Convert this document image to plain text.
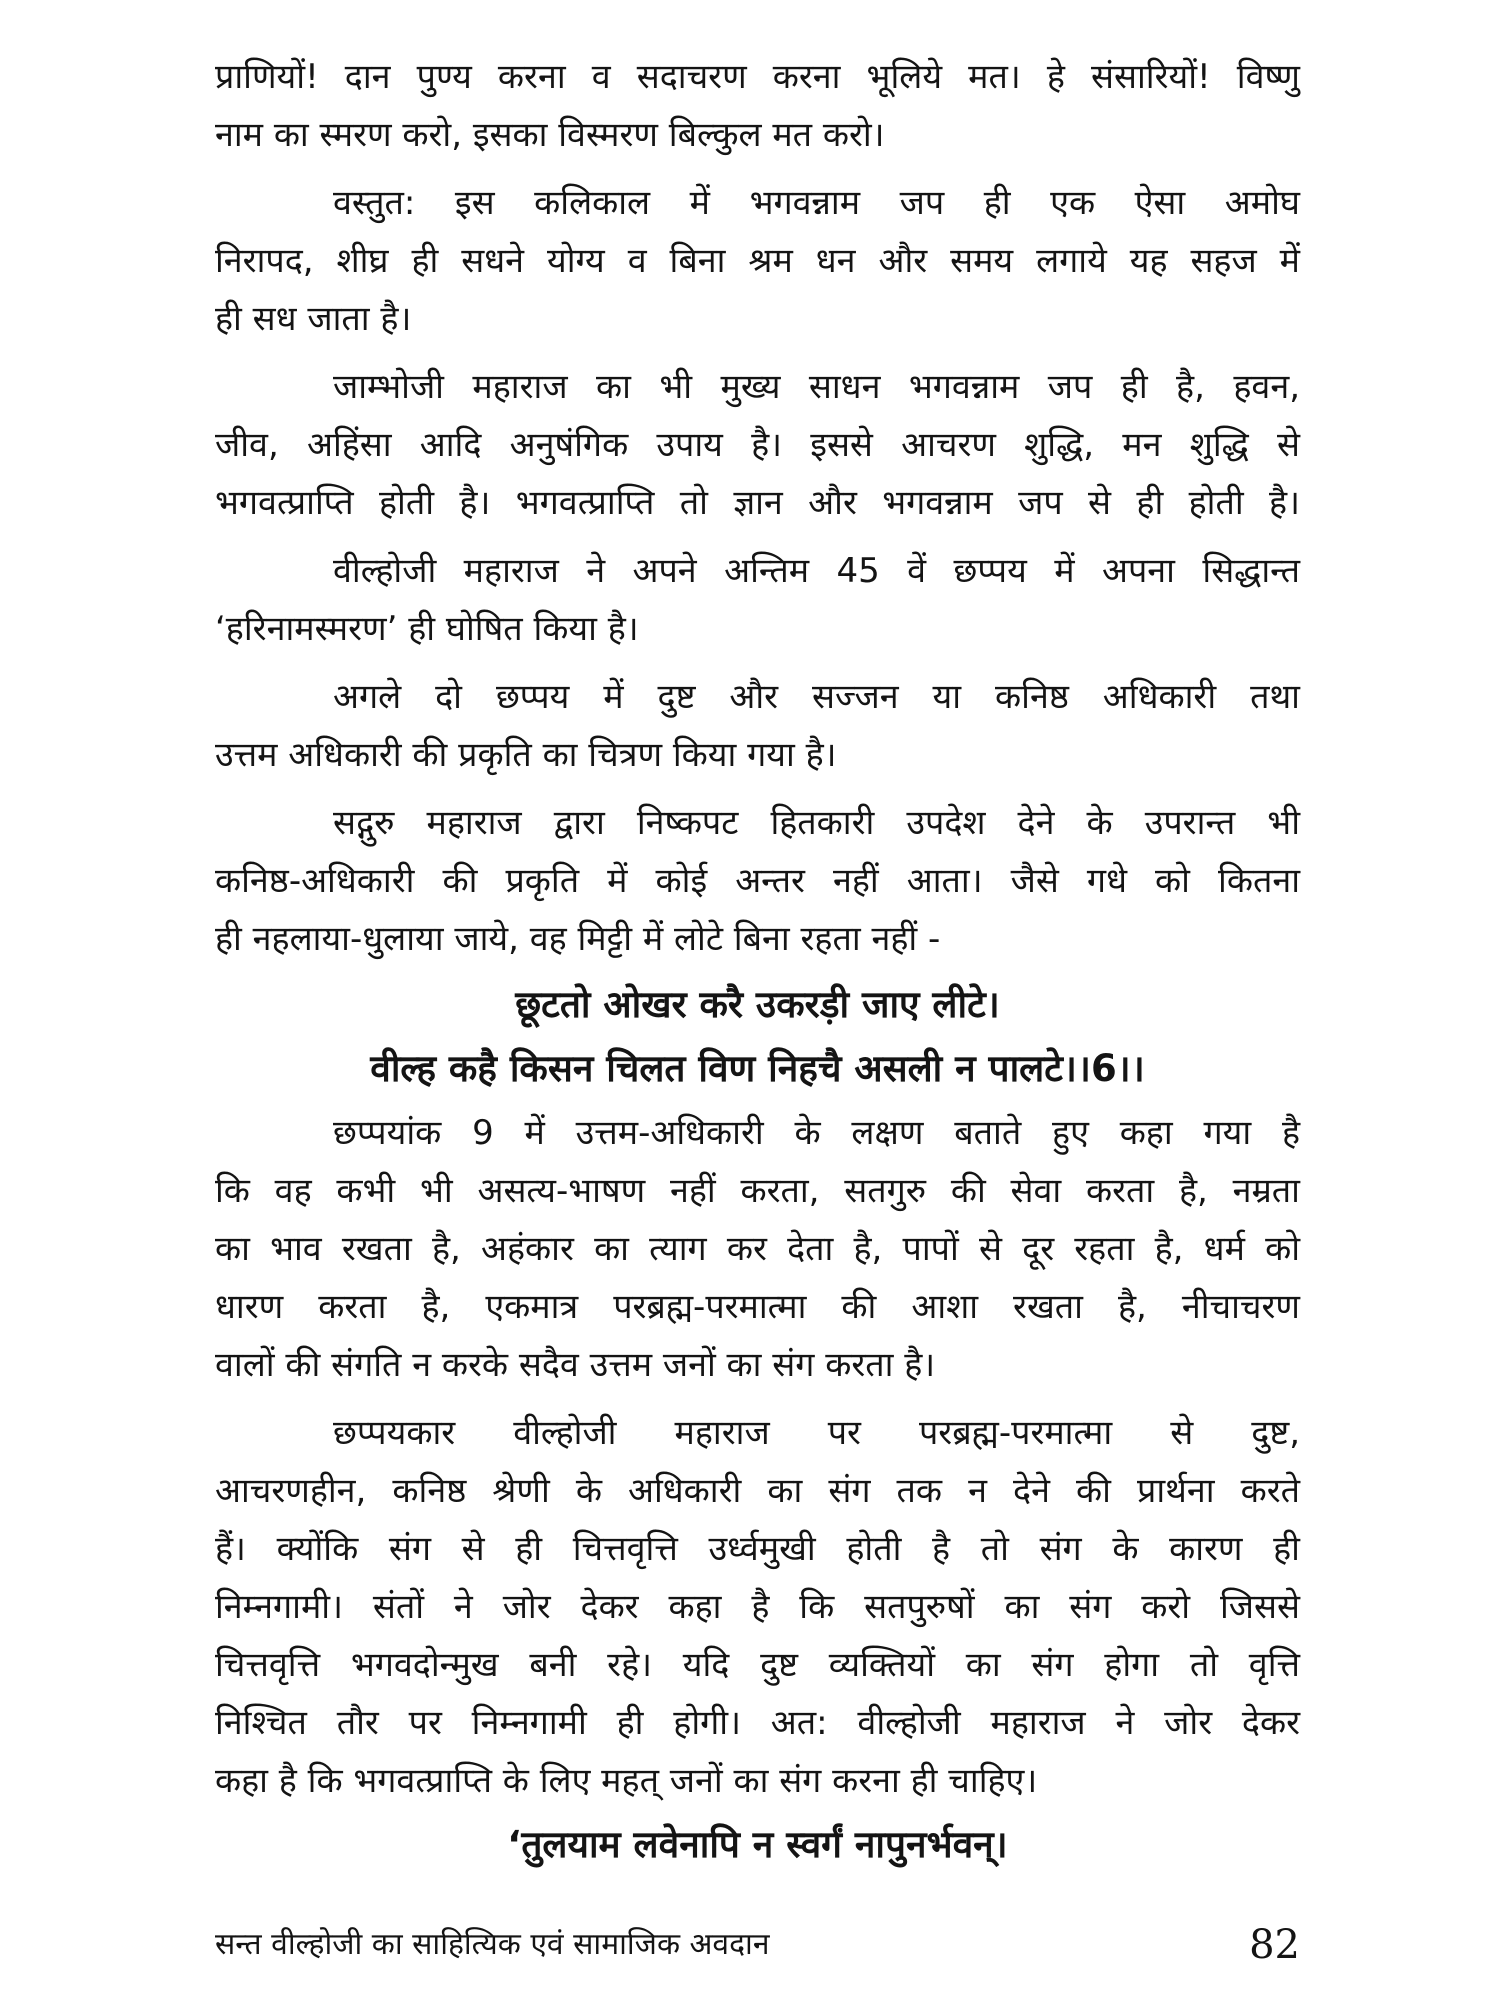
प्राणियों! दान पुण्य करना व सदाचरण करना भूलिये मत। हे संसारियों! विष्णु
नाम का स्मरण करो, इसका विस्मरण बिल्कुल मत करो।
वस्तुत: इस कलिकाल में भगवन्नाम जप ही एक ऐसा अमोघ
निरापद, शीघ्र ही सधने योग्य व बिना श्रम धन और समय लगाये यह सहज में
ही सध जाता है।
जाम्भोजी महाराज का भी मुख्य साधन भगवन्नाम जप ही है, हवन,
जीव, अहिंसा आदि अनुषंगिक उपाय है। इससे आचरण शुद्धि, मन शुद्धि से
भगवत्प्राप्ति होती है। भगवत्प्राप्ति तो ज्ञान और भगवन्नाम जप से ही होती है।
वील्होजी महाराज ने अपने अन्तिम 45 वें छप्पय में अपना सिद्धान्त
‘हरिनामस्मरण’ ही घोषित किया है।
अगले दो छप्पय में दुष्ट और सज्जन या कनिष्ठ अधिकारी तथा
उत्तम अधिकारी की प्रकृति का चित्रण किया गया है।
सद्गुरु महाराज द्वारा निष्कपट हितकारी उपदेश देने के उपरान्त भी
कनिष्ठ-अधिकारी की प्रकृति में कोई अन्तर नहीं आता। जैसे गधे को कितना
ही नहलाया-धुलाया जाये, वह मिट्टी में लोटे बिना रहता नहीं -
छूटतो ओखर करै उकरड़ी जाए लीटे।
वील्ह कहै किसन चिलत विण निहचै असली न पालटे।।6।।
छप्पयांक 9 में उत्तम-अधिकारी के लक्षण बताते हुए कहा गया है
कि वह कभी भी असत्य-भाषण नहीं करता, सतगुरु की सेवा करता है, नम्रता
का भाव रखता है, अहंकार का त्याग कर देता है, पापों से दूर रहता है, धर्म को
धारण करता है, एकमात्र परब्रह्म-परमात्मा की आशा रखता है, नीचाचरण
वालों की संगति न करके सदैव उत्तम जनों का संग करता है।
छप्पयकार वील्होजी महाराज पर परब्रह्म-परमात्मा से दुष्ट,
आचरणहीन, कनिष्ठ श्रेणी के अधिकारी का संग तक न देने की प्रार्थना करते
हैं। क्योंकि संग से ही चित्तवृत्ति उर्ध्वमुखी होती है तो संग के कारण ही
निम्नगामी। संतों ने जोर देकर कहा है कि सतपुरुषों का संग करो जिससे
चित्तवृत्ति भगवदोन्मुख बनी रहे। यदि दुष्ट व्यक्तियों का संग होगा तो वृत्ति
निश्चित तौर पर निम्नगामी ही होगी। अत: वील्होजी महाराज ने जोर देकर
कहा है कि भगवत्प्राप्ति के लिए महत् जनों का संग करना ही चाहिए।
‘तुलयाम लवेनापि न स्वर्गं नापुनर्भवन्।
सन्त वील्होजी का साहित्यिक एवं सामाजिक अवदान	82
